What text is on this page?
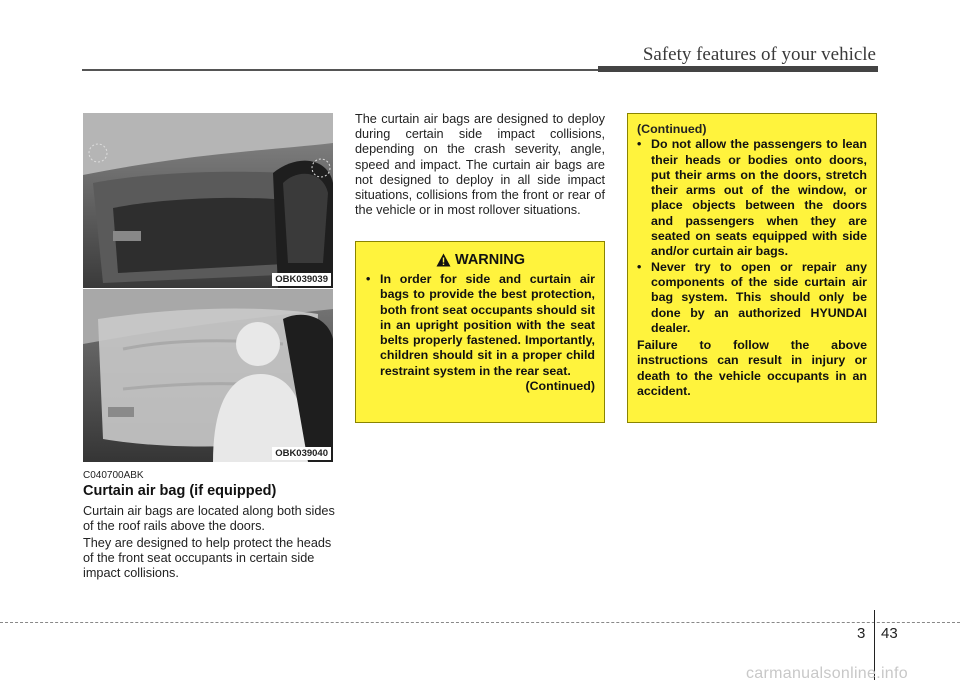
Safety features of your vehicle
OBK039039
OBK039040
C040700ABK
Curtain air bag (if equipped)
Curtain air bags are located along both sides of the roof rails above the doors.
They are designed to help protect the heads of the front seat occupants in certain side impact collisions.
The curtain air bags are designed to deploy during certain side impact collisions, depending on the crash severity, angle, speed and impact. The curtain air bags are not designed to deploy in all side impact situations, collisions from the front or rear of the vehicle or in most rollover situations.
WARNING
• In order for side and curtain air bags to provide the best protection, both front seat occupants should sit in an upright position with the seat belts properly fastened. Importantly, children should sit in a proper child restraint system in the rear seat.
(Continued)
(Continued)
• Do not allow the passengers to lean their heads or bodies onto doors, put their arms on the doors, stretch their arms out of the window, or place objects between the doors and passengers when they are seated on seats equipped with side and/or curtain air bags.
• Never try to open or repair any components of the side curtain air bag system. This should only be done by an authorized HYUNDAI dealer.
Failure to follow the above instructions can result in injury or death to the vehicle occupants in an accident.
3 43
carmanualsonline.info
